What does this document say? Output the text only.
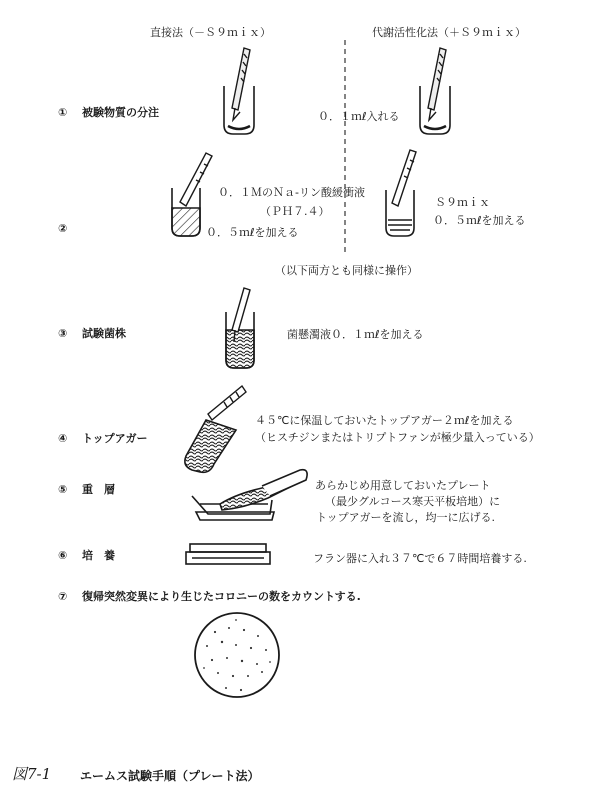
直接法（－Ｓ９ｍｉｘ）	代謝活性化法（＋Ｓ９ｍｉｘ）
① 被験物質の分注
②
③ 試験菌株
④ トップアガー
⑤ 重　層
⑥ 培　養
⑦ 復帰突然変異により生じたコロニーの数をカウントする.
０．１ｍℓ入れる
０．１ＭのＮａ-リン酸緩衝液
（ＰＨ７.４）
０．５ｍℓを加える
Ｓ９ｍｉｘ
０．５ｍℓを加える
（以下両方とも同様に操作）
菌懸濁液０．１ｍℓを加える
４５℃に保温しておいたトップアガー２ｍℓを加える
（ヒスチジンまたはトリプトファンが極少量入っている）
あらかじめ用意しておいたプレート
（最少グルコース寒天平板培地）に
トップアガーを流し，均一に広げる.
フラン器に入れ３７℃で６７時間培養する.
図7-1 エームス試験手順（プレート法）
